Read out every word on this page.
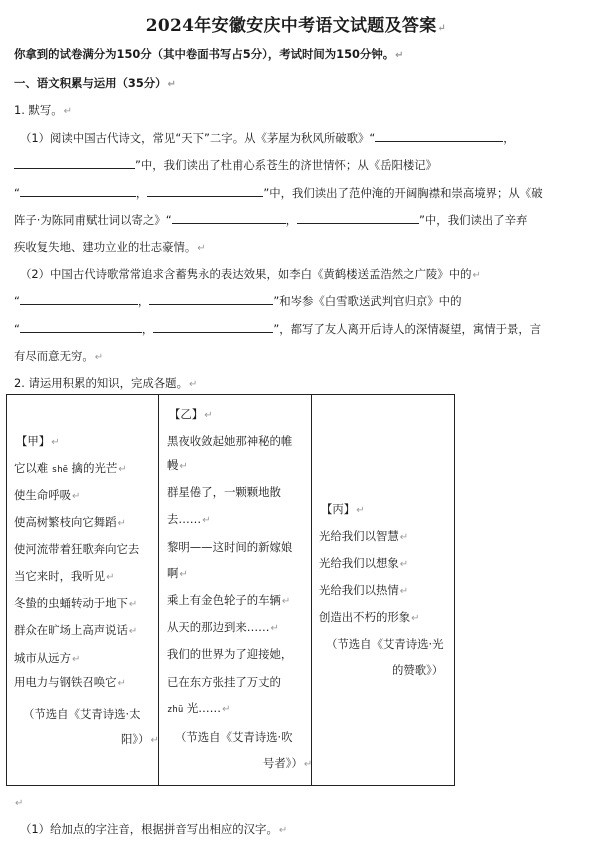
2024年安徽安庆中考语文试题及答案↵
你拿到的试卷满分为150分（其中卷面书写占5分），考试时间为150分钟。↵
一、语文积累与运用（35分）↵
1. 默写。↵
（1）阅读中国古代诗文，常见“天下”二字。从《茅屋为秋风所破歌》“	，
”中，我们读出了杜甫心系苍生的济世情怀；从《岳阳楼记》
“	，	”中，我们读出了范仲淹的开阔胸襟和崇高境界；从《破
阵子·为陈同甫赋壮词以寄之》“	，	”中，我们读出了辛弃
疾收复失地、建功立业的壮志豪情。↵
（2）中国古代诗歌常常追求含蓄隽永的表达效果，如李白《黄鹤楼送孟浩然之广陵》中的↵
“	，	”和岑参《白雪歌送武判官归京》中的
“	，	”，都写了友人离开后诗人的深情凝望，寓情于景，言
有尽而意无穷。↵
2. 请运用积累的知识，完成各题。↵
【甲】↵
它以难 shē 擒的光芒↵
使生命呼吸↵
使高树繁枝向它舞蹈↵
使河流带着狂歌奔向它去
当它来时，我听见↵
冬蛰的虫蛹转动于地下↵
群众在旷场上高声说话↵
城市从远方↵
用电力与钢铁召唤它↵
（节选自《艾青诗选·太
阳》）↵
【乙】↵
黑夜收敛起她那神秘的帷
幔↵
群星倦了，一颗颗地散
去……↵
黎明——这时间的新嫁娘
啊↵
乘上有金色轮子的车辆↵
从天的那边到来……↵
我们的世界为了迎接她，
已在东方张挂了万丈的
zhū 光……↵
（节选自《艾青诗选·吹
号者》）↵
【丙】↵
光给我们以智慧↵
光给我们以想象↵
光给我们以热情↵
创造出不朽的形象↵
（节选自《艾青诗选·光
的赞歌》）
↵
（1）给加点的字注音，根据拼音写出相应的汉字。↵
